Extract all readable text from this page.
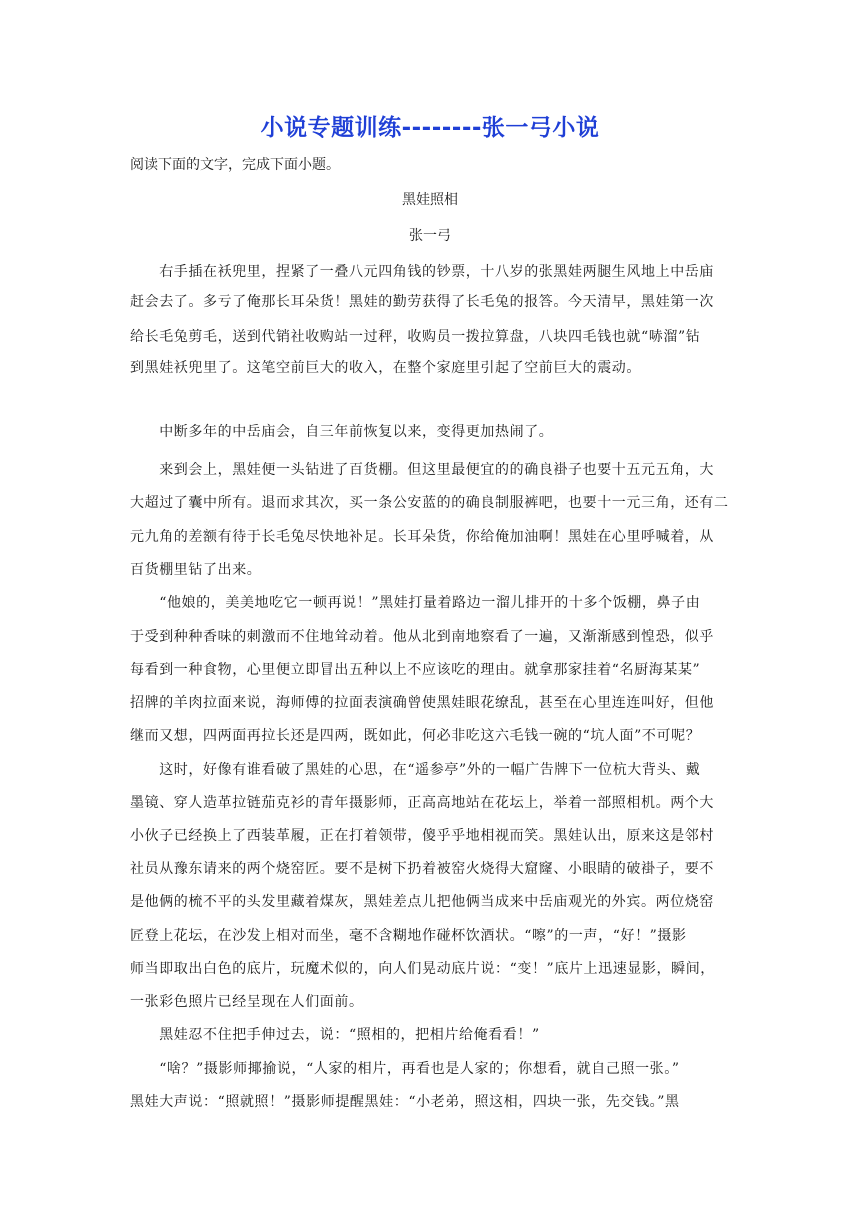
小说专题训练--------张一弓小说
阅读下面的文字，完成下面小题。
黑娃照相
张一弓
　　右手插在袄兜里，捏紧了一叠八元四角钱的钞票，十八岁的张黑娃两腿生风地上中岳庙
赶会去了。多亏了俺那长耳朵货！黑娃的勤劳获得了长毛兔的报答。今天清早，黑娃第一次
给长毛兔剪毛，送到代销社收购站一过秤，收购员一拨拉算盘，八块四毛钱也就“哧溜”钻
到黑娃袄兜里了。这笔空前巨大的收入，在整个家庭里引起了空前巨大的震动。
　　中断多年的中岳庙会，自三年前恢复以来，变得更加热闹了。
　　来到会上，黑娃便一头钻进了百货棚。但这里最便宜的的确良褂子也要十五元五角，大
大超过了囊中所有。退而求其次，买一条公安蓝的的确良制服裤吧，也要十一元三角，还有二
元九角的差额有待于长毛兔尽快地补足。长耳朵货，你给俺加油啊！黑娃在心里呼喊着，从
百货棚里钻了出来。
　　“他娘的，美美地吃它一顿再说！”黑娃打量着路边一溜儿排开的十多个饭棚，鼻子由
于受到种种香味的刺激而不住地耸动着。他从北到南地察看了一遍，又渐渐感到惶恐，似乎
每看到一种食物，心里便立即冒出五种以上不应该吃的理由。就拿那家挂着“名厨海某某”
招牌的羊肉拉面来说，海师傅的拉面表演确曾使黑娃眼花缭乱，甚至在心里连连叫好，但他
继而又想，四两面再拉长还是四两，既如此，何必非吃这六毛钱一碗的“坑人面”不可呢？
　　这时，好像有谁看破了黑娃的心思，在“遥参亭”外的一幅广告牌下一位杭大背头、戴
墨镜、穿人造革拉链茄克衫的青年摄影师，正高高地站在花坛上，举着一部照相机。两个大
小伙子已经换上了西装革履，正在打着领带，傻乎乎地相视而笑。黑娃认出，原来这是邻村
社员从豫东请来的两个烧窑匠。要不是树下扔着被窑火烧得大窟窿、小眼睛的破褂子，要不
是他俩的梳不平的头发里藏着煤灰，黑娃差点儿把他俩当成来中岳庙观光的外宾。两位烧窑
匠登上花坛，在沙发上相对而坐，毫不含糊地作碰杯饮酒状。“嚓”的一声，“好！”摄影
师当即取出白色的底片，玩魔术似的，向人们晃动底片说：“变！”底片上迅速显影，瞬间，
一张彩色照片已经呈现在人们面前。
　　黑娃忍不住把手伸过去，说：“照相的，把相片给俺看看！”
　　“啥？”摄影师揶揄说，“人家的相片，再看也是人家的；你想看，就自己照一张。”
黑娃大声说：“照就照！”摄影师提醒黑娃：“小老弟，照这相，四块一张，先交钱。”黑
